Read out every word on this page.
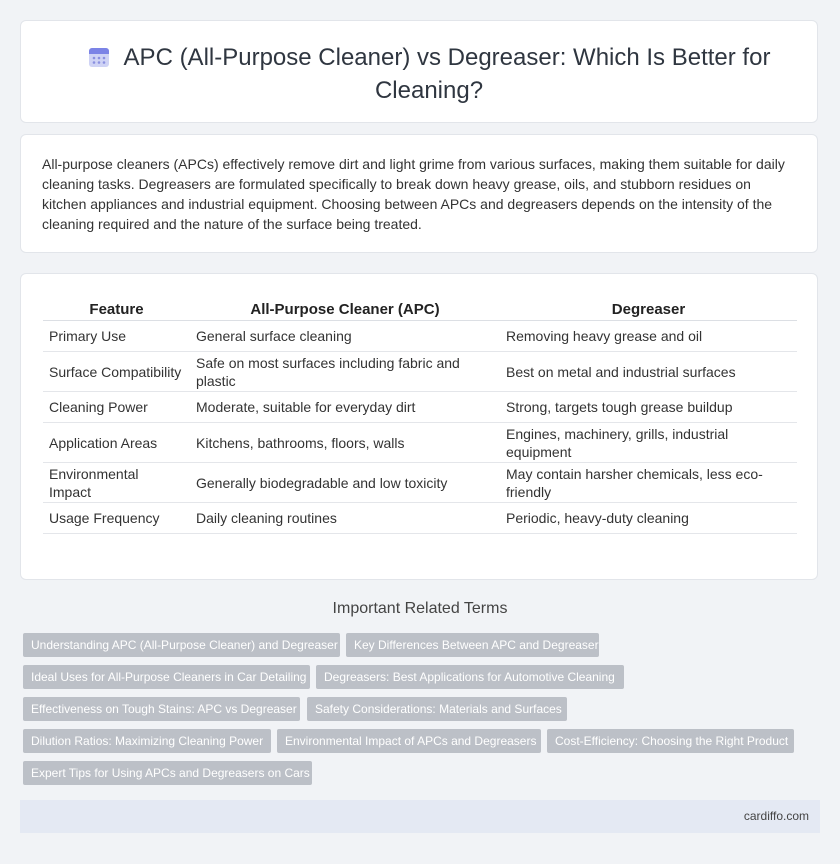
APC (All-Purpose Cleaner) vs Degreaser: Which Is Better for Cleaning?
All-purpose cleaners (APCs) effectively remove dirt and light grime from various surfaces, making them suitable for daily cleaning tasks. Degreasers are formulated specifically to break down heavy grease, oils, and stubborn residues on kitchen appliances and industrial equipment. Choosing between APCs and degreasers depends on the intensity of the cleaning required and the nature of the surface being treated.
Feature	All-Purpose Cleaner (APC)	Degreaser
Primary Use	General surface cleaning	Removing heavy grease and oil
Surface Compatibility	Safe on most surfaces including fabric and plastic	Best on metal and industrial surfaces
Cleaning Power	Moderate, suitable for everyday dirt	Strong, targets tough grease buildup
Application Areas	Kitchens, bathrooms, floors, walls	Engines, machinery, grills, industrial equipment
Environmental Impact	Generally biodegradable and low toxicity	May contain harsher chemicals, less eco-friendly
Usage Frequency	Daily cleaning routines	Periodic, heavy-duty cleaning
Important Related Terms
Understanding APC (All-Purpose Cleaner) and Degreaser	Key Differences Between APC and Degreaser
Ideal Uses for All-Purpose Cleaners in Car Detailing	Degreasers: Best Applications for Automotive Cleaning
Effectiveness on Tough Stains: APC vs Degreaser	Safety Considerations: Materials and Surfaces
Dilution Ratios: Maximizing Cleaning Power	Environmental Impact of APCs and Degreasers	Cost-Efficiency: Choosing the Right Product
Expert Tips for Using APCs and Degreasers on Cars
cardiffo.com
